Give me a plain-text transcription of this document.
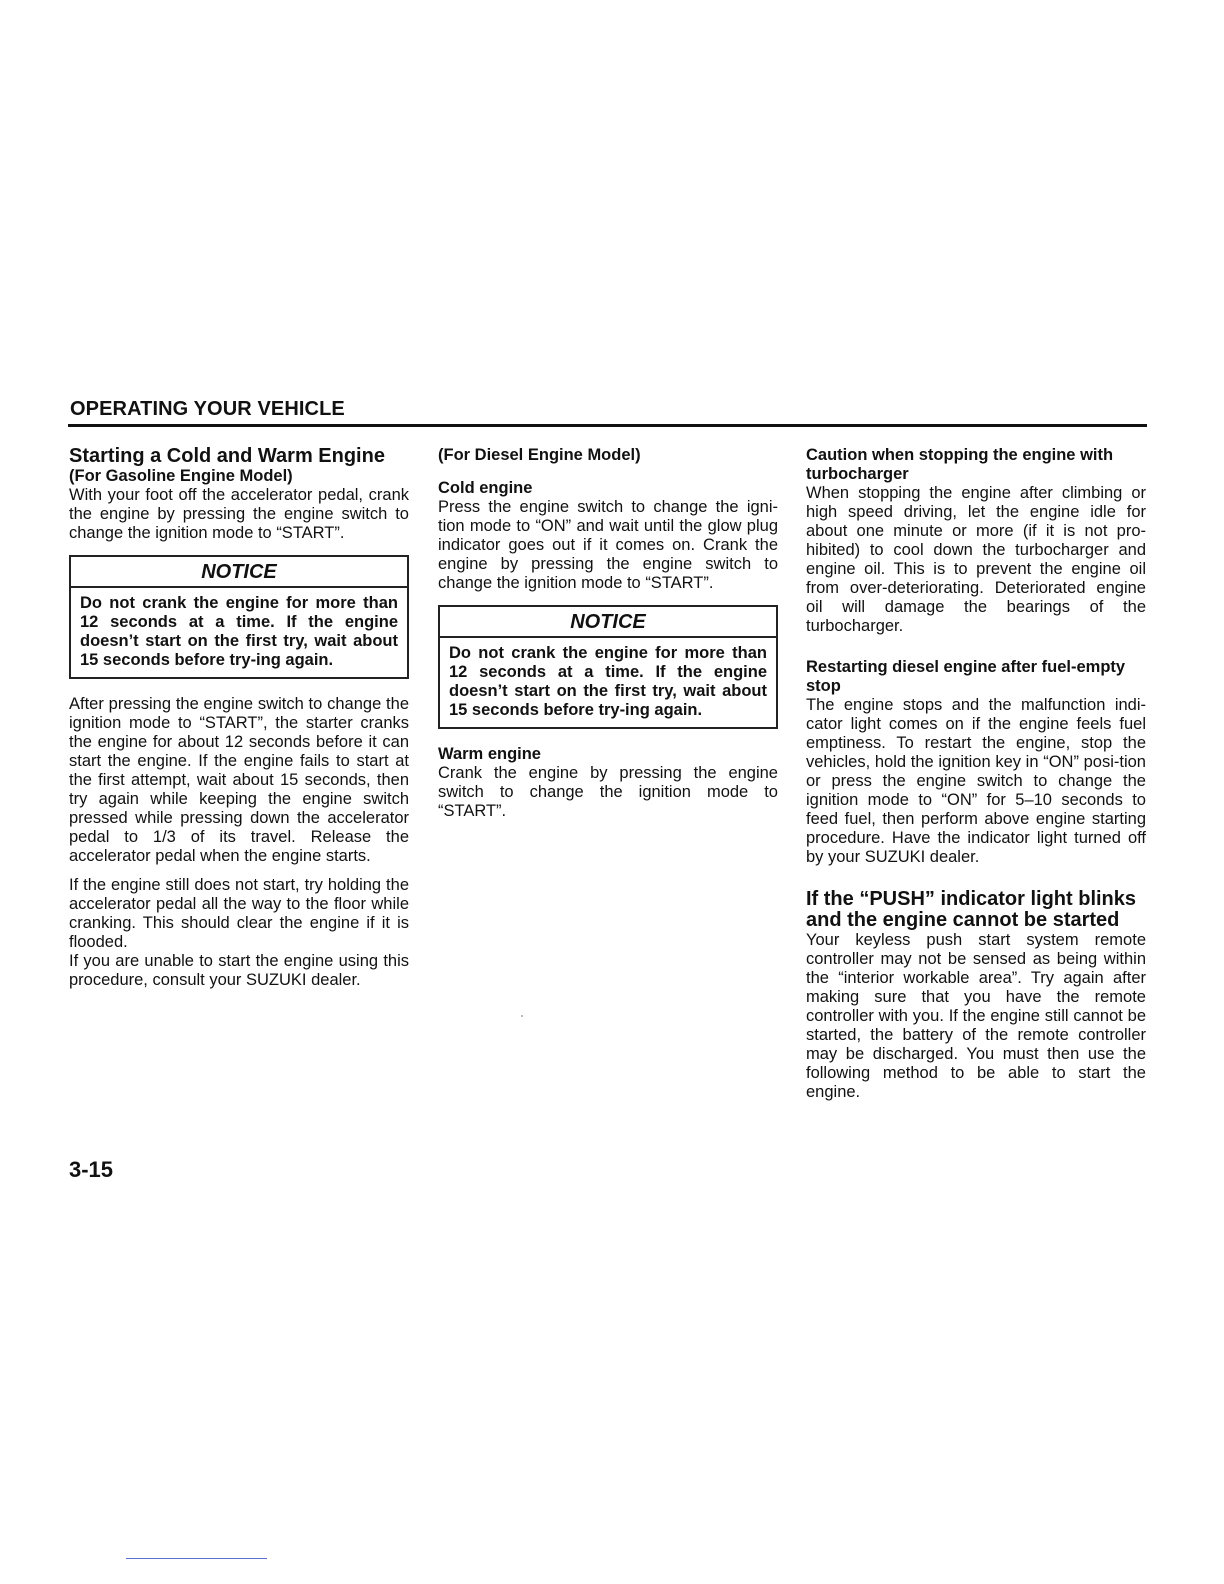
OPERATING YOUR VEHICLE
Starting a Cold and Warm Engine
(For Gasoline Engine Model)

With your foot off the accelerator pedal, crank the engine by pressing the engine switch to change the ignition mode to “START”.

NOTICE
Do not crank the engine for more than 12 seconds at a time. If the engine doesn’t start on the first try, wait about 15 seconds before try-ing again.

After pressing the engine switch to change the ignition mode to “START”, the starter cranks the engine for about 12 seconds before it can start the engine. If the engine fails to start at the first attempt, wait about 15 seconds, then try again while keeping the engine switch pressed while pressing down the accelerator pedal to 1/3 of its travel. Release the accelerator pedal when the engine starts.

If the engine still does not start, try holding the accelerator pedal all the way to the floor while cranking. This should clear the engine if it is flooded.

If you are unable to start the engine using this procedure, consult your SUZUKI dealer.

(For Diesel Engine Model)
Cold engine

Press the engine switch to change the igni-tion mode to “ON” and wait until the glow plug indicator goes out if it comes on. Crank the engine by pressing the engine switch to change the ignition mode to “START”.

NOTICE
Do not crank the engine for more than 12 seconds at a time. If the engine doesn’t start on the first try, wait about 15 seconds before try-ing again.
Warm engine

Crank the engine by pressing the engine switch to change the ignition mode to “START”.

Caution when stopping the engine with turbocharger

When stopping the engine after climbing or high speed driving, let the engine idle for about one minute or more (if it is not pro-hibited) to cool down the turbocharger and engine oil. This is to prevent the engine oil from over-deteriorating. Deteriorated engine oil will damage the bearings of the turbocharger.

Restarting diesel engine after fuel-empty stop

The engine stops and the malfunction indi-cator light comes on if the engine feels fuel emptiness. To restart the engine, stop the vehicles, hold the ignition key in “ON” posi-tion or press the engine switch to change the ignition mode to “ON” for 5–10 seconds to feed fuel, then perform above engine starting procedure. Have the indicator light turned off by your SUZUKI dealer.

If the “PUSH” indicator light blinks and the engine cannot be started

Your keyless push start system remote controller may not be sensed as being within the “interior workable area”. Try again after making sure that you have the remote controller with you. If the engine still cannot be started, the battery of the remote controller may be discharged. You must then use the following method to be able to start the engine.

3-15
